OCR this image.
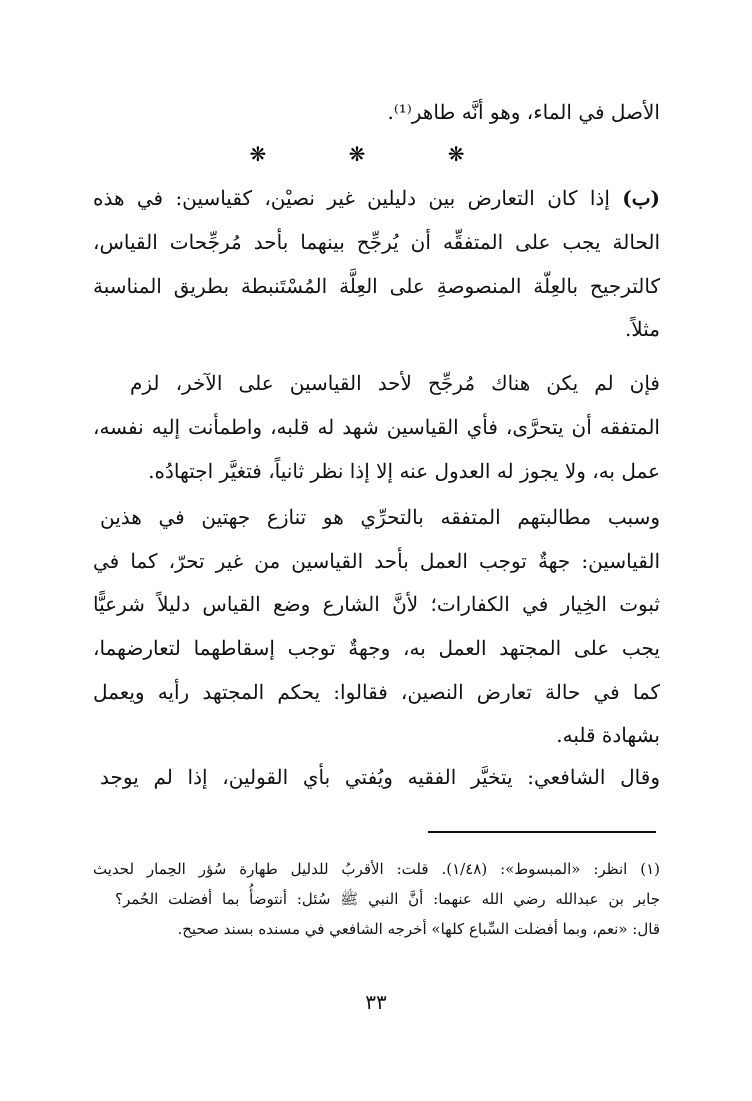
الأصل في الماء، وهو أنَّه طاهر⁽¹⁾.
❋ ❋ ❋
(ب) إذا كان التعارض بين دليلين غير نصيْن، كقياسين: في هذه
الحالة يجب على المتفقِّه أن يُرجِّح بينهما بأحد مُرجِّحات القياس،
كالترجيح بالعِلّة المنصوصةِ على العِلَّة المُسْتَنبطة بطريق المناسبة
مثلاً.
فإن لم يكن هناك مُرجِّح لأحد القياسين على الآخر، لزم
المتفقه أن يتحرَّى، فأي القياسين شهد له قلبه، واطمأنت إليه نفسه،
عمل به، ولا يجوز له العدول عنه إلا إذا نظر ثانياً، فتغيَّر اجتهادُه.
وسبب مطالبتهم المتفقه بالتحرِّي هو تنازع جهتين في هذين
القياسين: جهةٌ توجب العمل بأحد القياسين من غير تحرّ، كما في
ثبوت الخِيار في الكفارات؛ لأنَّ الشارع وضع القياس دليلاً شرعيًّا
يجب على المجتهد العمل به، وجهةٌ توجب إسقاطهما لتعارضهما،
كما في حالة تعارض النصين، فقالوا: يحكم المجتهد رأيه ويعمل
بشهادة قلبه.
وقال الشافعي: يتخيَّر الفقيه ويُفتي بأي القولين، إذا لم يوجد
(١) انظر: «المبسوط»: (١/٤٨). قلت: الأقربُ للدليل طهارة سُؤر الحِمار لحديث
جابر بن عبدالله رضي الله عنهما: أنَّ النبي ﷺ سُئل: أنتوضأُ بما أفضلت الحُمر؟
قال: «نعم، وبما أفضلت السِّباع كلها» أخرجه الشافعي في مسنده بسند صحيح.
٣٣
